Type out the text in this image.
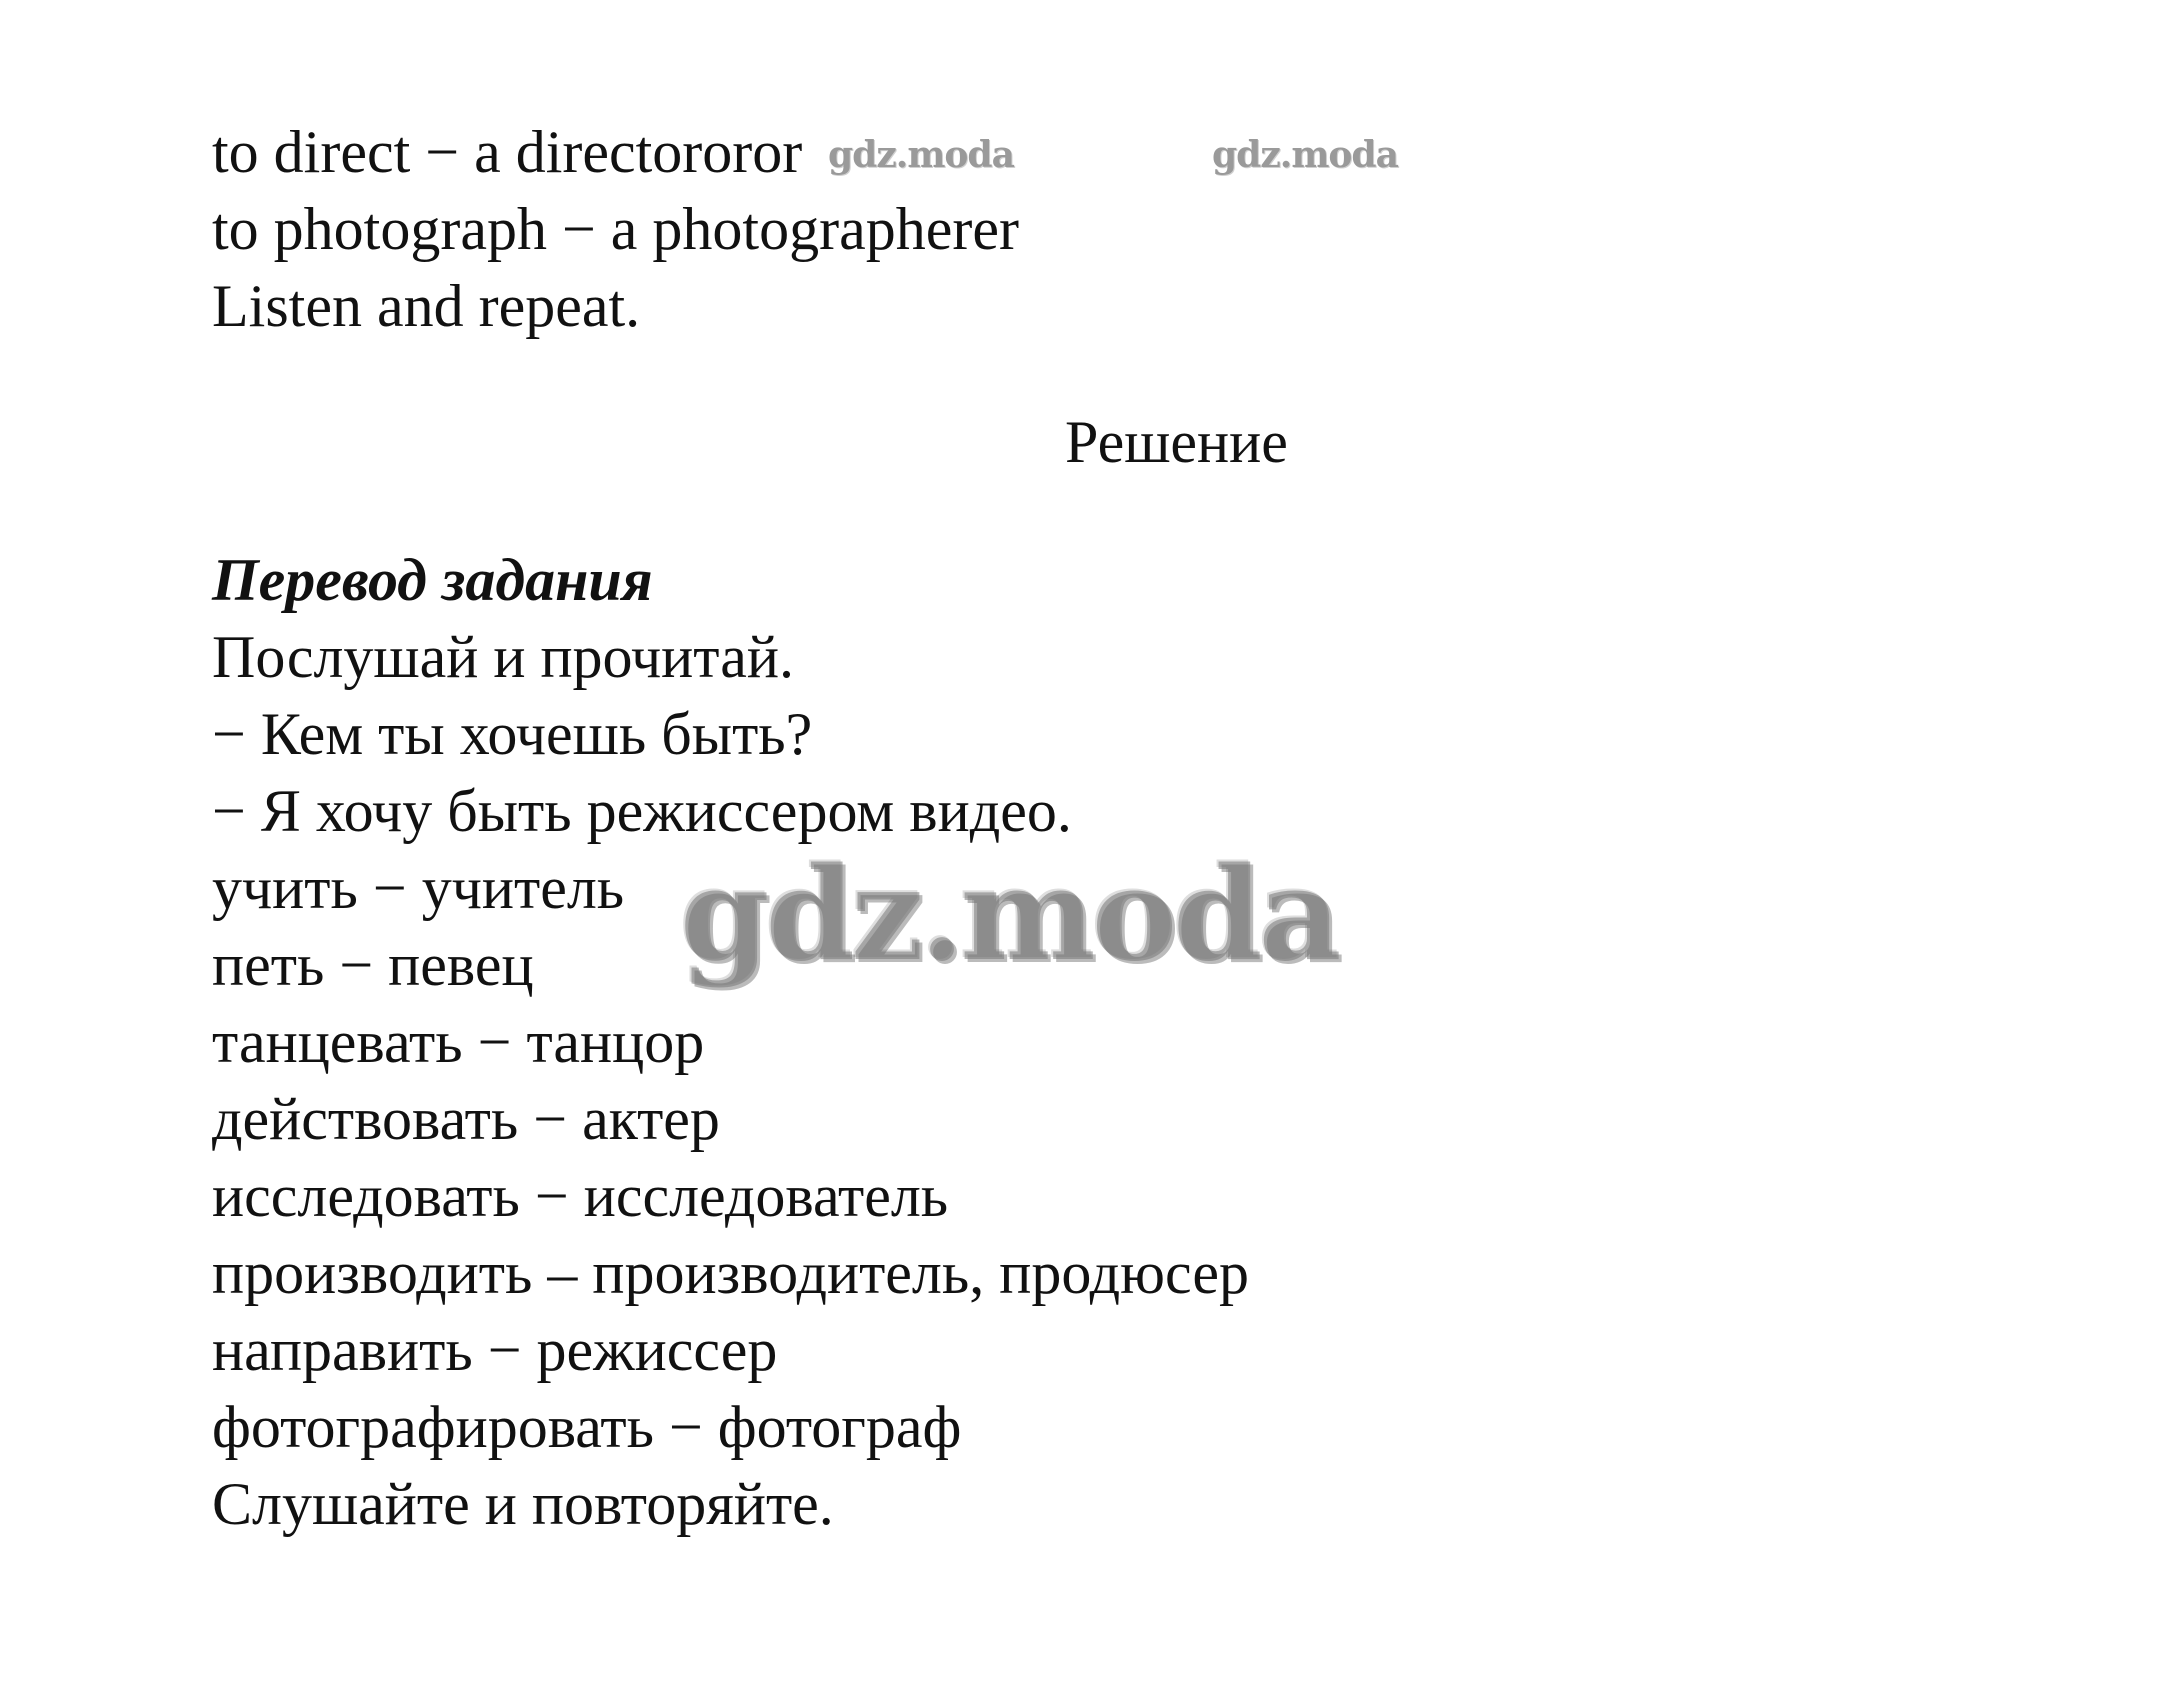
to direct − a directororor
to photograph − a photographerer
Listen and repeat.
gdz.moda	gdz.moda
Решение
Перевод задания
Послушай и прочитай.
− Кем ты хочешь быть?
− Я хочу быть режиссером видео.
учить − учитель
петь − певец
танцевать − танцор
действовать − актер
исследовать − исследователь
производить – производитель, продюсер
направить − режиссер
фотографировать − фотограф
Слушайте и повторяйте.
gdz.moda
